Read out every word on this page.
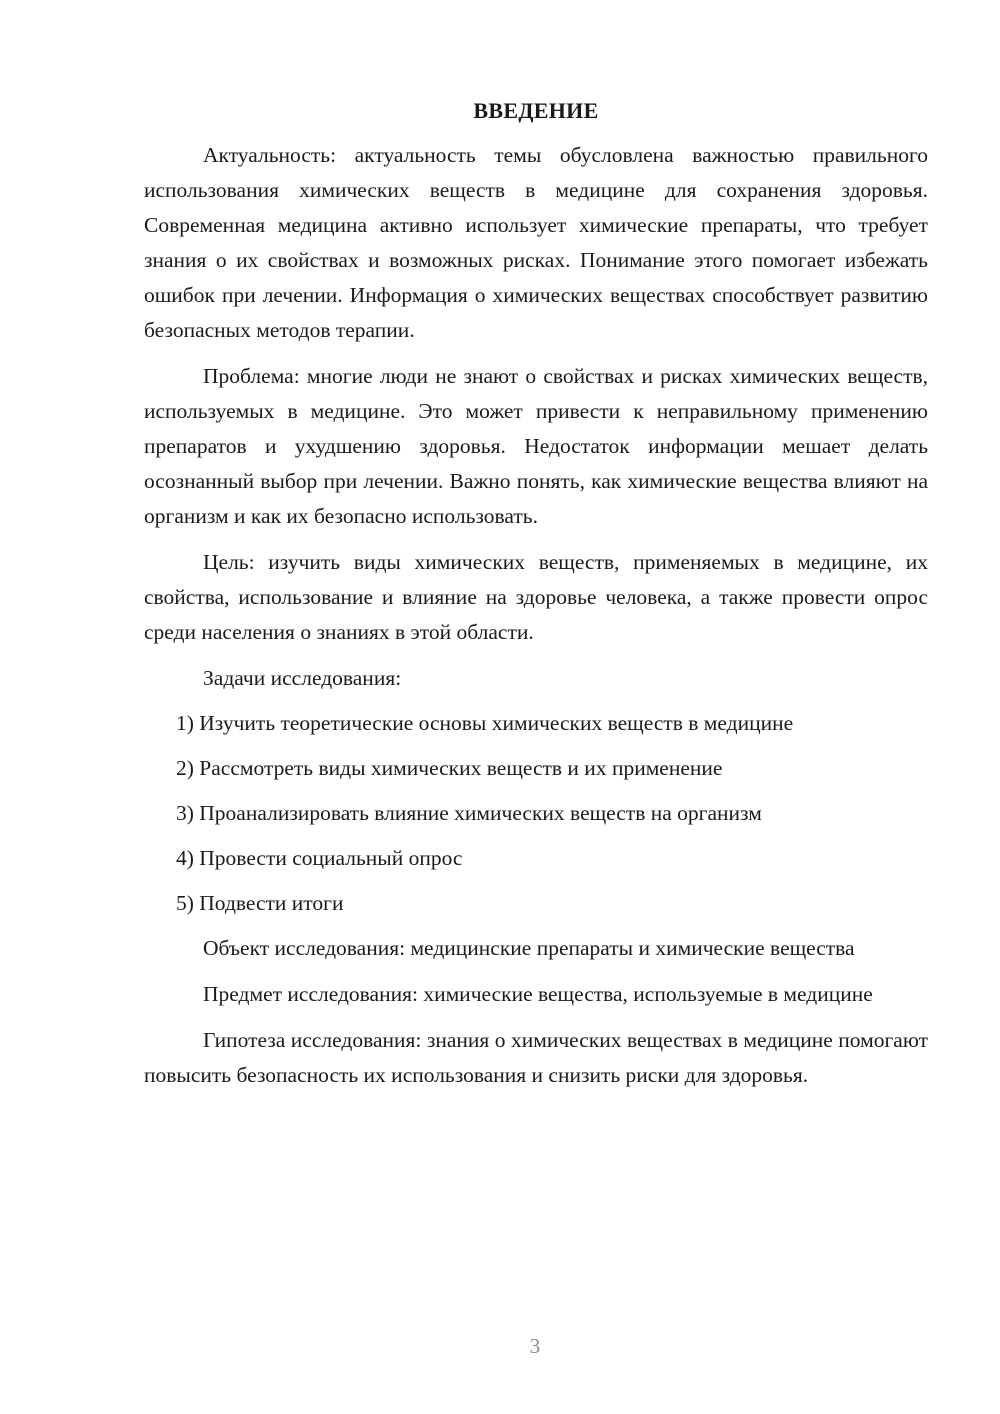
ВВЕДЕНИЕ

Актуальность: актуальность темы обусловлена важностью правильного использования химических веществ в медицине для сохранения здоровья. Современная медицина активно использует химические препараты, что требует знания о их свойствах и возможных рисках. Понимание этого помогает избежать ошибок при лечении. Информация о химических веществах способствует развитию безопасных методов терапии.

Проблема: многие люди не знают о свойствах и рисках химических веществ, используемых в медицине. Это может привести к неправильному применению препаратов и ухудшению здоровья. Недостаток информации мешает делать осознанный выбор при лечении. Важно понять, как химические вещества влияют на организм и как их безопасно использовать.

Цель: изучить виды химических веществ, применяемых в медицине, их свойства, использование и влияние на здоровье человека, а также провести опрос среди населения о знаниях в этой области.

Задачи исследования:

1) Изучить теоретические основы химических веществ в медицине
2) Рассмотреть виды химических веществ и их применение
3) Проанализировать влияние химических веществ на организм
4) Провести социальный опрос
5) Подвести итоги

Объект исследования: медицинские препараты и химические вещества

Предмет исследования: химические вещества, используемые в медицине

Гипотеза исследования: знания о химических веществах в медицине помогают повысить безопасность их использования и снизить риски для здоровья.

3
